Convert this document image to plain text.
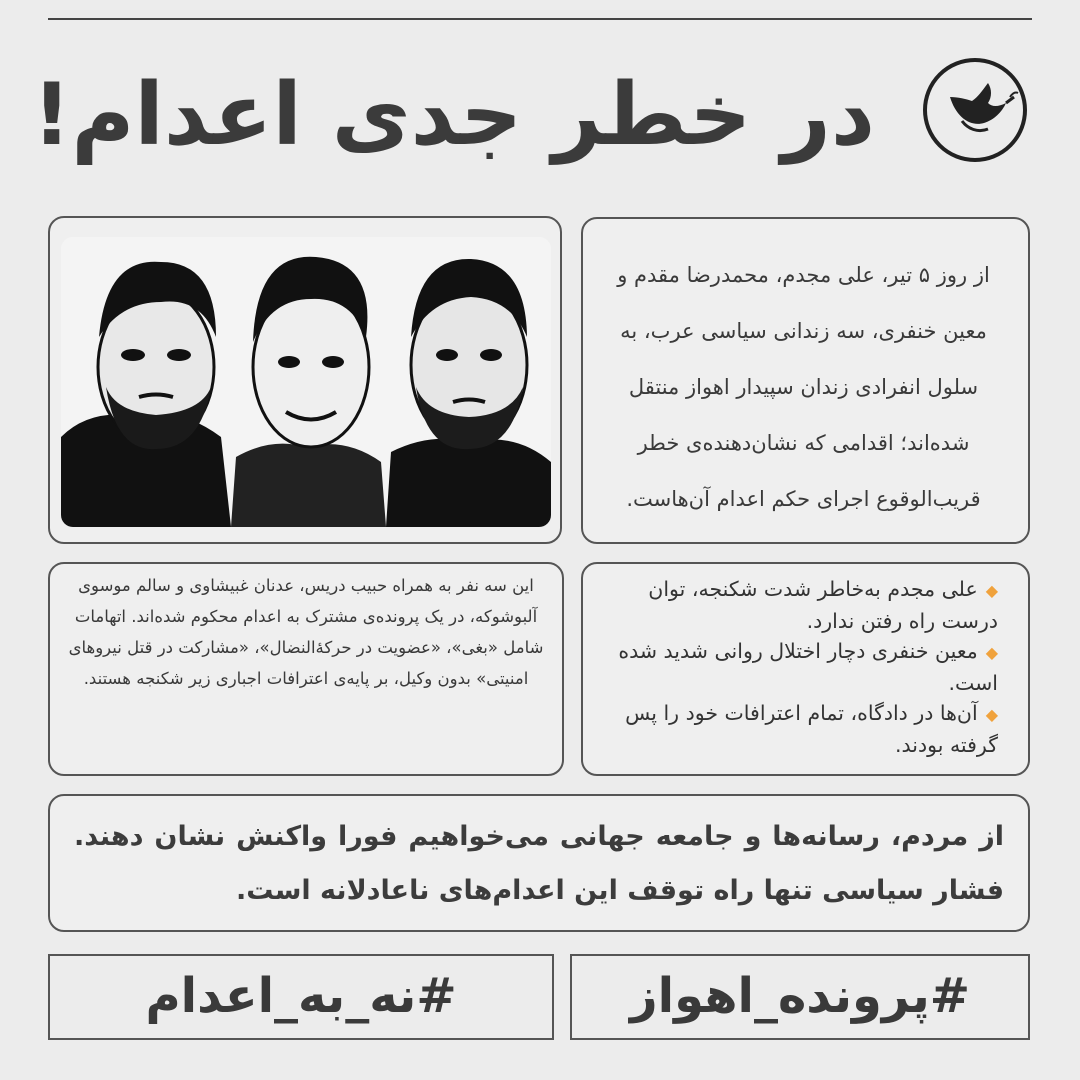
در خطر جدی اعدام!

از روز ۵ تیر، علی مجدم، محمدرضا مقدم و معین خنفری، سه زندانی سیاسی عرب، به سلول انفرادی زندان سپیدار اهواز منتقل شده‌اند؛ اقدامی که نشان‌دهنده‌ی خطر قریب‌الوقوع اجرای حکم اعدام آن‌هاست.

◆علی مجدم به‌خاطر شدت شکنجه، توان درست راه رفتن ندارد.
◆معین خنفری دچار اختلال روانی شدید شده است.
◆آن‌ها در دادگاه، تمام اعترافات خود را پس گرفته بودند.

این سه نفر به همراه حبیب دریس، عدنان غبیشاوی و سالم موسوی آلبوشوکه، در یک پرونده‌ی مشترک به اعدام محکوم شده‌اند. اتهامات شامل «بغی»، «عضویت در حرکهٔ‌النضال»، «مشارکت در قتل نیروهای امنیتی» بدون وکیل، بر پایه‌ی اعترافات اجباری زیر شکنجه هستند.

از مردم، رسانه‌ها و جامعه جهانی می‌خواهیم فورا واکنش نشان دهند. فشار سیاسی تنها راه توقف این اعدام‌های ناعادلانه است.

#نه_به_اعدام	#پرونده_اهواز
